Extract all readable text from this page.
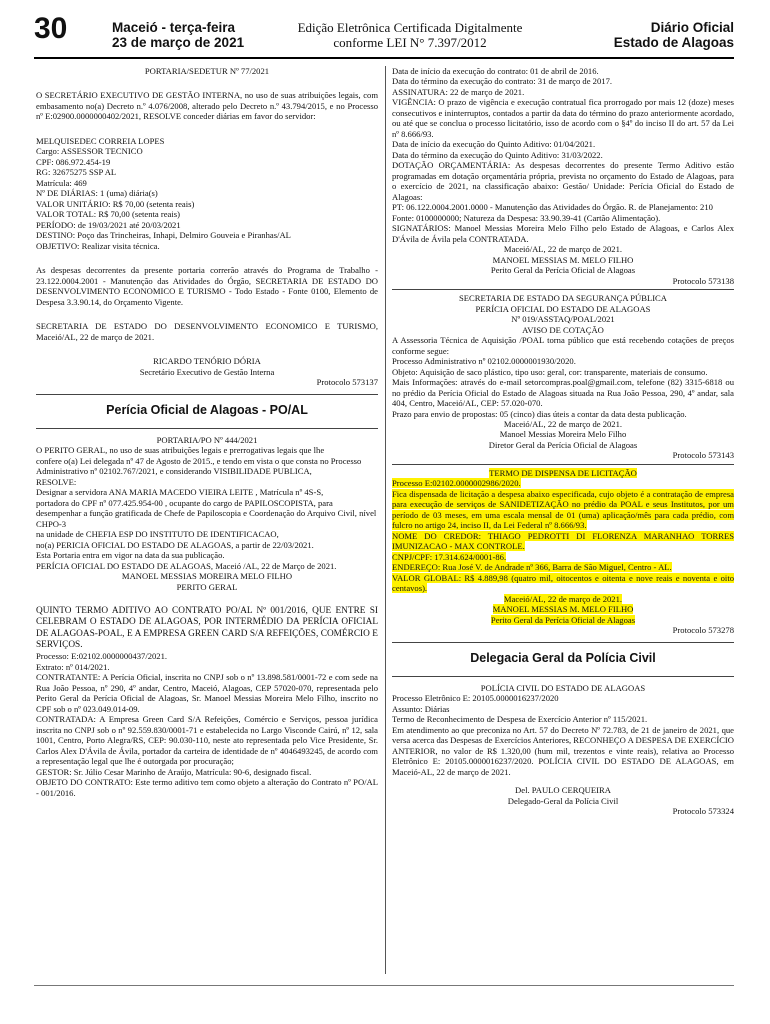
30	Maceió - terça-feira
23 de março de 2021
Edição Eletrônica Certificada Digitalmente
conforme LEI N° 7.397/2012
Diário Oficial
Estado de Alagoas

PORTARIA/SEDETUR Nº 77/2021

O SECRETÁRIO EXECUTIVO DE GESTÃO INTERNA, no uso de suas atribuições legais, com embasamento no(a) Decreto n.º 4.076/2008, alterado pelo Decreto n.º 43.794/2015, e no Processo nº E:02900.0000000402/2021, RESOLVE conceder diárias em favor do servidor:

MELQUISEDEC CORREIA LOPES

Cargo: ASSESSOR TECNICO

CPF: 086.972.454-19

RG: 32675275 SSP AL

Matrícula: 469

Nº DE DIÁRIAS: 1 (uma) diária(s)

VALOR UNITÁRIO: R$ 70,00 (setenta reais)

VALOR TOTAL: R$ 70,00 (setenta reais)

PERÍODO: de 19/03/2021 até 20/03/2021

DESTINO: Poço das Trincheiras, Inhapi, Delmiro Gouveia e Piranhas/AL

OBJETIVO: Realizar visita técnica.

As despesas decorrentes da presente portaria correrão através do Programa de Trabalho - 23.122.0004.2001 - Manutenção das Atividades do Órgão, SECRETARIA DE ESTADO DO DESENVOLVIMENTO ECONOMICO E TURISMO - Todo Estado - Fonte 0100, Elemento de Despesa 3.3.90.14, do Orçamento Vigente.

SECRETARIA DE ESTADO DO DESENVOLVIMENTO ECONOMICO E TURISMO, Maceió/AL, 22 de março de 2021.

RICARDO TENÓRIO DÓRIA

Secretário Executivo de Gestão Interna

Protocolo 573137

Perícia Oficial de Alagoas - PO/AL

PORTARIA/PO Nº 444/2021

O PERITO GERAL, no uso de suas atribuições legais e prerrogativas legais que lhe

confere o(a) Lei delegada nº 47 de Agosto de 2015., e tendo em vista o que consta no Processo Administrativo nº 02102.767/2021, e considerando VISIBILIDADE PUBLICA,

RESOLVE:

Designar a servidora ANA MARIA MACEDO VIEIRA LEITE , Matrícula nº 4S-S,

portadora do CPF nº 077.425.954-00 , ocupante do cargo de PAPILOSCOPISTA, para desempenhar a função gratificada de Chefe de Papiloscopia e Coordenação do Arquivo Civil, nível CHPO-3

na unidade de CHEFIA ESP DO INSTITUTO DE IDENTIFICACAO,

no(a) PERICIA OFICIAL DO ESTADO DE ALAGOAS, a partir de 22/03/2021.

Esta Portaria entra em vigor na data da sua publicação.

PERÍCIA OFICIAL DO ESTADO DE ALAGOAS, Maceió /AL, 22 de Março de 2021.

MANOEL MESSIAS MOREIRA MELO FILHO

PERITO GERAL

QUINTO TERMO ADITIVO AO CONTRATO PO/AL Nº 001/2016, QUE ENTRE SI CELEBRAM O ESTADO DE ALAGOAS, POR INTERMÉDIO DA PERÍCIA OFICIAL DE ALAGOAS-POAL, E A EMPRESA GREEN CARD S/A REFEIÇÕES, COMÉRCIO E SERVIÇOS.

Processo: E:02102.0000000437/2021.

Extrato: nº 014/2021.

CONTRATANTE: A Perícia Oficial, inscrita no CNPJ sob o nº 13.898.581/0001-72 e com sede na Rua João Pessoa, nº 290, 4º andar, Centro, Maceió, Alagoas, CEP 57020-070, representada pelo Perito Geral da Perícia Oficial de Alagoas, Sr. Manoel Messias Moreira Melo Filho, inscrito no CPF sob o nº 023.049.014-09.

CONTRATADA: A Empresa Green Card S/A Refeições, Comércio e Serviços, pessoa jurídica inscrita no CNPJ sob o nº 92.559.830/0001-71 e estabelecida no Largo Visconde Cairú, nº 12, sala 1001, Centro, Porto Alegra/RS, CEP: 90.030-110, neste ato representada pelo Vice Presidente, Sr. Carlos Alex D'Ávila de Ávila, portador da carteira de identidade de nº 4046493245, de acordo com a representação legal que lhe é outorgada por procuração;

GESTOR: Sr. Júlio Cesar Marinho de Araújo, Matrícula: 90-6, designado fiscal.

OBJETO DO CONTRATO: Este termo aditivo tem como objeto a alteração do Contrato nº PO/AL - 001/2016.

Data de início da execução do contrato: 01 de abril de 2016.

Data do término da execução do contrato: 31 de março de 2017.

ASSINATURA: 22 de março de 2021.

VIGÊNCIA: O prazo de vigência e execução contratual fica prorrogado por mais 12 (doze) meses consecutivos e ininterruptos, contados a partir da data do término do prazo anteriormente acordado, ou até que se conclua o processo licitatório, isso de acordo com o §4º do inciso II do art. 57 da Lei nº 8.666/93.

Data de início da execução do Quinto Aditivo: 01/04/2021.

Data do término da execução do Quinto Aditivo: 31/03/2022.

DOTAÇÃO ORÇAMENTÁRIA: As despesas decorrentes do presente Termo Aditivo estão programadas em dotação orçamentária própria, prevista no orçamento do Estado de Alagoas, para o exercício de 2021, na classificação abaixo: Gestão/ Unidade: Perícia Oficial do Estado de Alagoas:

PT: 06.122.0004.2001.0000 - Manutenção das Atividades do Órgão. R. de Planejamento: 210

Fonte: 0100000000; Natureza da Despesa: 33.90.39-41 (Cartão Alimentação).

SIGNATÁRIOS: Manoel Messias Moreira Melo Filho pelo Estado de Alagoas, e Carlos Alex D'Ávila de Ávila pela CONTRATADA.

Maceió/AL, 22 de março de 2021.

MANOEL MESSIAS M. MELO FILHO

Perito Geral da Perícia Oficial de Alagoas

Protocolo 573138

SECRETARIA DE ESTADO DA SEGURANÇA PÚBLICA

PERÍCIA OFICIAL DO ESTADO DE ALAGOAS

Nº 019/ASSTAQ/POAL/2021

AVISO DE COTAÇÃO

A Assessoria Técnica de Aquisição /POAL torna público que está recebendo cotações de preços conforme segue:

Processo Administrativo nº 02102.0000001930/2020.

Objeto: Aquisição de saco plástico, tipo uso: geral, cor: transparente, materiais de consumo.

Mais Informações: através do e-mail setorcompras.poal@gmail.com, telefone (82) 3315-6818 ou no prédio da Perícia Oficial do Estado de Alagoas situada na Rua João Pessoa, 290, 4º andar, sala 404, Centro, Maceió/AL, CEP: 57.020-070.

Prazo para envio de propostas: 05 (cinco) dias úteis a contar da data desta publicação.

Maceió/AL, 22 de março de 2021.

Manoel Messias Moreira Melo Filho

Diretor Geral da Perícia Oficial de Alagoas

Protocolo 573143

TERMO DE DISPENSA DE LICITAÇÃO

Processo E:02102.0000002986/2020.

Fica dispensada de licitação a despesa abaixo especificada, cujo objeto é a contratação de empresa para execução de serviços de SANIDETIZAÇÃO no prédio da POAL e seus Institutos, por um período de 03 meses, em uma escala mensal de 01 (uma) aplicação/mês para cada prédio, com fulcro no artigo 24, inciso II, da Lei Federal nº 8.666/93.

NOME DO CREDOR: THIAGO PEDROTTI DI FLORENZA MARANHAO TORRES IMUNIZACAO - MAX CONTROLE.

CNPJ/CPF: 17.314.624/0001-86.

ENDEREÇO: Rua José V. de Andrade nº 366, Barra de São Miguel, Centro - AL.

VALOR GLOBAL: R$ 4.889,98 (quatro mil, oitocentos e oitenta e nove reais e noventa e oito centavos).

Maceió/AL, 22 de março de 2021.

MANOEL MESSIAS M. MELO FILHO

Perito Geral da Perícia Oficial de Alagoas

Protocolo 573278

Delegacia Geral da Polícia Civil

POLÍCIA CIVIL DO ESTADO DE ALAGOAS

Processo Eletrônico E: 20105.0000016237/2020

Assunto: Diárias

Termo de Reconhecimento de Despesa de Exercício Anterior nº 115/2021.

Em atendimento ao que preconiza no Art. 57 do Decreto Nº 72.783, de 21 de janeiro de 2021, que versa acerca das Despesas de Exercícios Anteriores, RECONHEÇO A DESPESA DE EXERCÍCIO ANTERIOR, no valor de R$ 1.320,00 (hum mil, trezentos e vinte reais), relativa ao Processo Eletrônico E: 20105.0000016237/2020. POLÍCIA CIVIL DO ESTADO DE ALAGOAS, em Maceió-AL, 22 de março de 2021.

Del. PAULO CERQUEIRA

Delegado-Geral da Polícia Civil

Protocolo 573324
